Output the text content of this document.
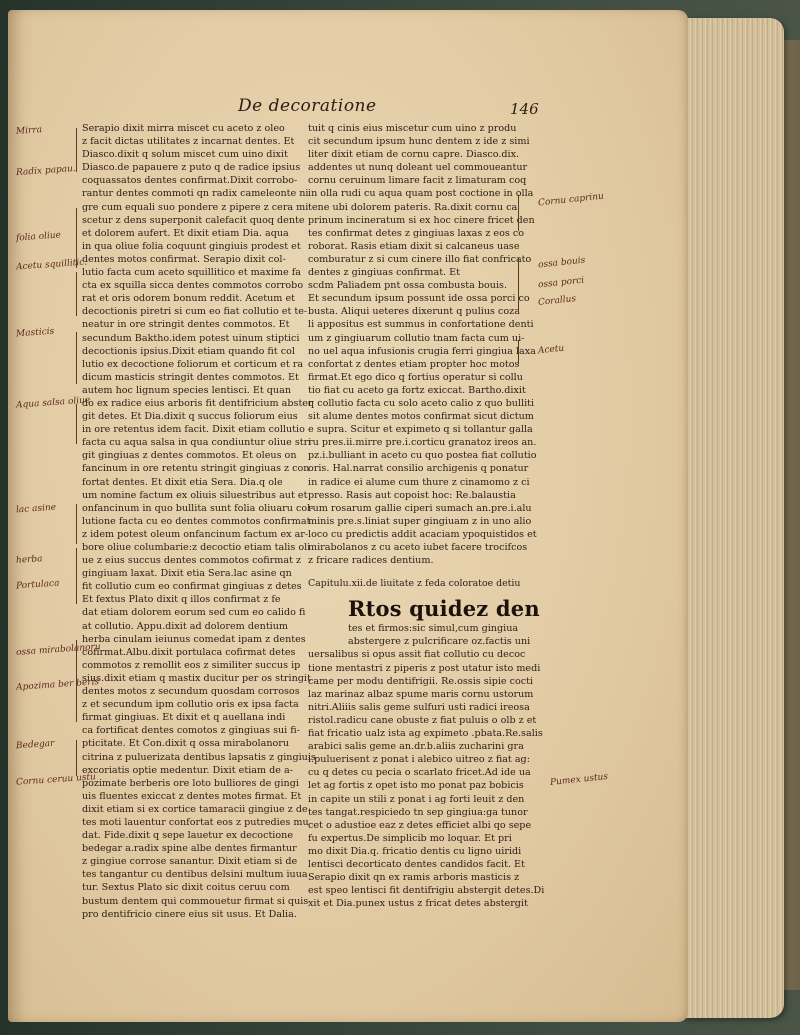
De decoratione	146
Serapio dixit mirra miscet cu aceto z oleo
z facit dictas utilitates z incarnat dentes. Et
Diasco.dixit q solum miscet cum uino dixit
Diasco.de papauere z puto q de radice ipsius
coquassatos dentes confirmat.Dixit corrobo-
rantur dentes commoti qn radix cameleonte ni
gre cum equali suo pondere z pipere z cera mi
scetur z dens superponit calefacit quoq dente
et dolorem aufert. Et dixit etiam Dia. aqua
in qua oliue folia coquunt gingiuis prodest et
dentes motos confirmat. Serapio dixit col-
lutio facta cum aceto squillitico et maxime fa
cta ex squilla sicca dentes commotos corrobo
rat et oris odorem bonum reddit. Acetum et
decoctionis piretri si cum eo fiat collutio et te-
neatur in ore stringit dentes commotos. Et
secundum Baktho.idem potest uinum stiptici
decoctionis ipsius.Dixit etiam quando fit col
lutio ex decoctione foliorum et corticum et ra
dicum masticis stringit dentes commotos. Et
autem hoc lignum species lentisci. Et quan
do ex radice eius arboris fit dentifricium abster
git detes. Et Dia.dixit q succus foliorum eius
in ore retentus idem facit. Dixit etiam collutio
facta cu aqua salsa in qua condiuntur oliue stri
git gingiuas z dentes commotos. Et oleus on
fancinum in ore retentu stringit gingiuas z con
fortat dentes. Et dixit etia Sera. Dia.q ole
um nomine factum ex oliuis siluestribus aut et
onfancinum in quo bullita sunt folia oliuaru col-
lutione facta cu eo dentes commotos confirmat
z idem potest oleum onfancinum factum ex ar-
bore oliue columbarie:z decoctio etiam talis oli
ue z eius succus dentes commotos cofirmat z
gingiuam laxat. Dixit etia Sera.lac asine qn
fit collutio cum eo confirmat gingiuas z detes
Et fextus Plato dixit q illos confirmat z fe
dat etiam dolorem eorum sed cum eo calido fi
at collutio. Appu.dixit ad dolorem dentium
herba cinulam ieiunus comedat ipam z dentes
cofirmat.Albu.dixit portulaca cofirmat detes
commotos z remollit eos z similiter succus ip
sius.dixit etiam q mastix ducitur per os stringit
dentes motos z secundum quosdam corrosos
z et secundum ipm collutio oris ex ipsa facta
firmat gingiuas. Et dixit et q auellana indi
ca fortificat dentes comotos z gingiuas sui fi-
pticitate. Et Con.dixit q ossa mirabolanoru
citrina z puluerizata dentibus lapsatis z gingiuis
excoriatis optie medentur. Dixit etiam de a-
pozimate berberis ore loto bulliores de gingi
uis fluentes exiccat z dentes motes firmat. Et
dixit etiam si ex cortice tamaracii gingiue z de
tes moti lauentur confortat eos z putredies mu
dat. Fide.dixit q sepe lauetur ex decoctione
bedegar a.radix spine albe dentes firmantur
z gingiue corrose sanantur. Dixit etiam si de
tes tangantur cu dentibus delsini multum iuua
tur. Sextus Plato sic dixit coitus ceruu com
bustum dentem qui commouetur firmat si quis
pro dentifricio cinere eius sit usus. Et Dalia.
tuit q cinis eius miscetur cum uino z produ
cit secundum ipsum hunc dentem z ide z simi
liter dixit etiam de cornu capre. Diasco.dix.
addentes ut nunq doleant uel commoueantur
cornu ceruinum limare facit z limaturam coq
in olla rudi cu aqua quam post coctione in olla
tene ubi dolorem pateris. Ra.dixit cornu ca
prinum incineratum si ex hoc cinere fricet den
tes confirmat detes z gingiuas laxas z eos co
roborat. Rasis etiam dixit si calcaneus uase
comburatur z si cum cinere illo fiat confricato
dentes z gingiuas confirmat. Et
scdm Paliadem pnt ossa combusta bouis.
Et secundum ipsum possunt ide ossa porci co
busta. Aliqui ueteres dixerunt q pulius coza
li appositus est summus in confortatione denti
um z gingiuarum collutio tnam facta cum ui-
no uel aqua infusionis crugia ferri gingiua laxa
confortat z dentes etiam propter hoc motos
firmat.Et ego dico q fortius operatur si collu
tio fiat cu aceto ga fortz exiccat. Bartho.dixit
q collutio facta cu solo aceto calio z quo bulliti
sit alume dentes motos confirmat sicut dictum
e supra. Scitur et expimeto q si tollantur galla
ru pres.ii.mirre pre.i.corticu granatoz ireos an.
pz.i.bulliant in aceto cu quo postea fiat collutio
oris. Hal.narrat consilio archigenis q ponatur
in radice ei alume cum thure z cinamomo z ci
presso. Rasis aut copoist hoc: Re.balaustia
rum rosarum gallie ciperi sumach an.pre.i.alu
minis pre.s.liniat super gingiuam z in uno alio
loco cu predictis addit acaciam ypoquistidos et
mirabolanos z cu aceto iubet facere trocifcos
z fricare radices dentium.
Capitulu.xii.de liuitate z feda coloratoe detiu
Rtos quidez den
tes et firmos:sic simul,cum gingiua
abstergere z pulcrificare oz.factis uni
uersalibus si opus assit fiat collutio cu decoc
tione mentastri z piperis z post utatur isto medi
came per modu dentifrigii. Re.ossis sipie cocti
laz marinaz albaz spume maris cornu ustorum
nitri.Aliiis salis geme sulfuri usti radici ireosa
ristol.radicu cane obuste z fiat puluis o olb z et
fiat fricatio ualz ista ag expimeto .pbata.Re.salis
arabici salis geme an.dr.b.aliis zucharini gra
i.puluerisent z ponat i alebico uitreo z fiat ag:
cu q detes cu pecia o scarlato fricet.Ad ide ua
let ag fortis z opet isto mo ponat paz bobicis
in capite un stili z ponat i ag forti leuit z den
tes tangat.respiciedo tn sep gingiua:ga tunor
cet o adustioe eaz z detes efficiet albi qo sepe
fu expertus.De simplicib mo loquar. Et pri
mo dixit Dia.q. fricatio dentis cu ligno uiridi
lentisci decorticato dentes candidos facit. Et
Serapio dixit qn ex ramis arboris masticis z
est speo lentisci fit dentifrigiu abstergit detes.Di
xit et Dia.punex ustus z fricat detes abstergit
Mirra
Radix papau.
folia oliue
Acetu squillitic.
Masticis
Aqua salsa oliue
lac asine
herba
Portulaca
ossa mirabolanoru
Apozima ber beris
Bedegar
Cornu ceruu ustu
Cornu caprinu
ossa bouis
ossa porci
Corallus
Acetu
Pumex ustus
